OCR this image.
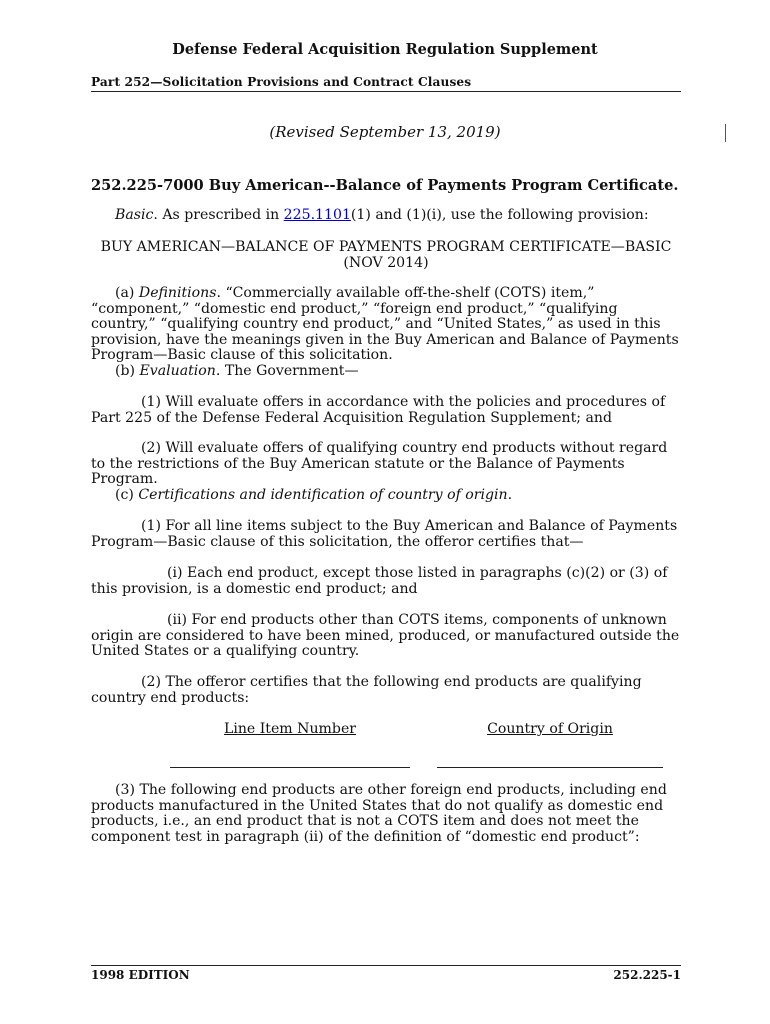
Defense Federal Acquisition Regulation Supplement
Part 252—Solicitation Provisions and Contract Clauses
(Revised September 13, 2019)
252.225-7000 Buy American--Balance of Payments Program Certificate.
Basic. As prescribed in 225.1101(1) and (1)(i), use the following provision:
BUY AMERICAN—BALANCE OF PAYMENTS PROGRAM CERTIFICATE—BASIC
(NOV 2014)
(a) Definitions. “Commercially available off-the-shelf (COTS) item,” “component,” “domestic end product,” “foreign end product,” “qualifying country,” “qualifying country end product,” and “United States,” as used in this provision, have the meanings given in the Buy American and Balance of Payments Program—Basic clause of this solicitation.
(b) Evaluation. The Government—
(1) Will evaluate offers in accordance with the policies and procedures of Part 225 of the Defense Federal Acquisition Regulation Supplement; and
(2) Will evaluate offers of qualifying country end products without regard to the restrictions of the Buy American statute or the Balance of Payments Program.
(c) Certifications and identification of country of origin.
(1) For all line items subject to the Buy American and Balance of Payments Program—Basic clause of this solicitation, the offeror certifies that—
(i) Each end product, except those listed in paragraphs (c)(2) or (3) of this provision, is a domestic end product; and
(ii) For end products other than COTS items, components of unknown origin are considered to have been mined, produced, or manufactured outside the United States or a qualifying country.
(2) The offeror certifies that the following end products are qualifying country end products:
Line Item Number	Country of Origin
(3) The following end products are other foreign end products, including end products manufactured in the United States that do not qualify as domestic end products, i.e., an end product that is not a COTS item and does not meet the component test in paragraph (ii) of the definition of “domestic end product”:
1998 EDITION	252.225-1
